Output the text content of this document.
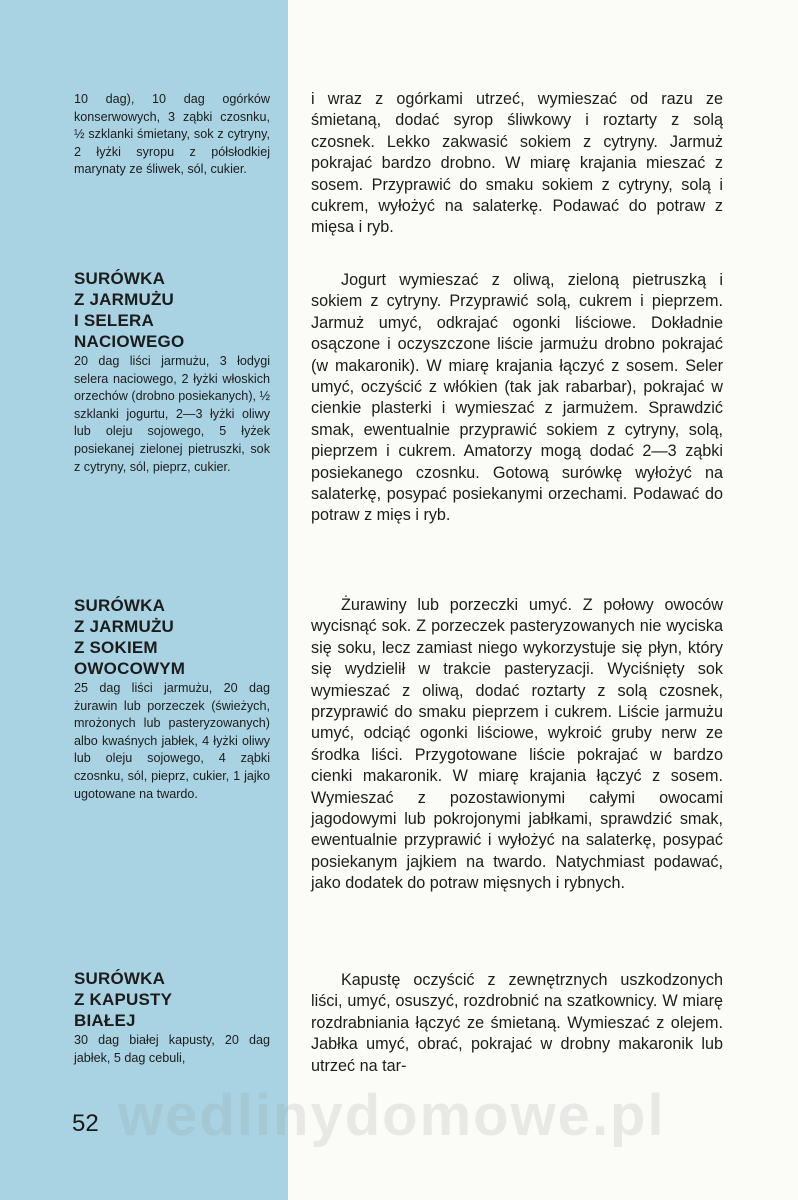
10 dag), 10 dag ogórków konserwowych, 3 ząbki czosnku, ½ szklanki śmietany, sok z cytryny, 2 łyżki syropu z półsłodkiej marynaty ze śliwek, sól, cukier.
i wraz z ogórkami utrzeć, wymieszać od razu ze śmietaną, dodać syrop śliwkowy i roztarty z solą czosnek. Lekko zakwasić sokiem z cytryny. Jarmuż pokrajać bardzo drobno. W miarę krajania mieszać z sosem. Przyprawić do smaku sokiem z cytryny, solą i cukrem, wyłożyć na salaterkę. Podawać do potraw z mięsa i ryb.
SURÓWKA
Z JARMUŻU
I SELERA
NACIOWEGO
20 dag liści jarmużu, 3 łodygi selera naciowego, 2 łyżki włoskich orzechów (drobno posiekanych), ½ szklanki jogurtu, 2—3 łyżki oliwy lub oleju sojowego, 5 łyżek posiekanej zielonej pietruszki, sok z cytryny, sól, pieprz, cukier.
Jogurt wymieszać z oliwą, zieloną pietruszką i sokiem z cytryny. Przyprawić solą, cukrem i pieprzem. Jarmuż umyć, odkrajać ogonki liściowe. Dokładnie osączone i oczyszczone liście jarmużu drobno pokrajać (w makaronik). W miarę krajania łączyć z sosem. Seler umyć, oczyścić z włókien (tak jak rabarbar), pokrajać w cienkie plasterki i wymieszać z jarmużem. Sprawdzić smak, ewentualnie przyprawić sokiem z cytryny, solą, pieprzem i cukrem. Amatorzy mogą dodać 2—3 ząbki posiekanego czosnku. Gotową surówkę wyłożyć na salaterkę, posypać posiekanymi orzechami. Podawać do potraw z mięs i ryb.
SURÓWKA
Z JARMUŻU
Z SOKIEM
OWOCOWYM
25 dag liści jarmużu, 20 dag żurawin lub porzeczek (świeżych, mrożonych lub pasteryzowanych) albo kwaśnych jabłek, 4 łyżki oliwy lub oleju sojowego, 4 ząbki czosnku, sól, pieprz, cukier, 1 jajko ugotowane na twardo.
Żurawiny lub porzeczki umyć. Z połowy owoców wycisnąć sok. Z porzeczek pasteryzowanych nie wyciska się soku, lecz zamiast niego wykorzystuje się płyn, który się wydzielił w trakcie pasteryzacji. Wyciśnięty sok wymieszać z oliwą, dodać roztarty z solą czosnek, przyprawić do smaku pieprzem i cukrem. Liście jarmużu umyć, odciąć ogonki liściowe, wykroić gruby nerw ze środka liści. Przygotowane liście pokrajać w bardzo cienki makaronik. W miarę krajania łączyć z sosem. Wymieszać z pozostawionymi całymi owocami jagodowymi lub pokrojonymi jabłkami, sprawdzić smak, ewentualnie przyprawić i wyłożyć na salaterkę, posypać posiekanym jajkiem na twardo. Natychmiast podawać, jako dodatek do potraw mięsnych i rybnych.
SURÓWKA
Z KAPUSTY
BIAŁEJ
30 dag białej kapusty, 20 dag jabłek, 5 dag cebuli,
Kapustę oczyścić z zewnętrznych uszkodzonych liści, umyć, osuszyć, rozdrobnić na szatkownicy. W miarę rozdrabniania łączyć ze śmietaną. Wymieszać z olejem. Jabłka umyć, obrać, pokrajać w drobny makaronik lub utrzeć na tar-
wedlinydomowe.pl
52
